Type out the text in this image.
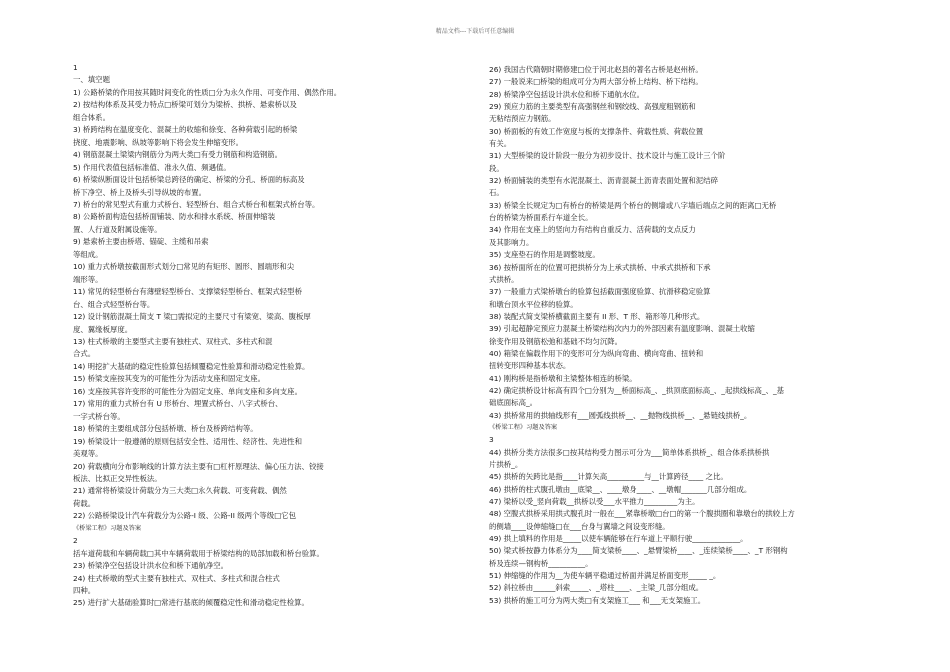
精品文档---下载后可任意编辑
1
一、填空题
1) 公路桥梁的作用按其随时间变化的性质□分为永久作用、可变作用、偶然作用。
2) 按结构体系及其受力特点□桥梁可划分为梁桥、拱桥、悬索桥以及
组合体系。
3) 桥跨结构在温度变化、混凝土的收缩和徐变、各种荷载引起的桥梁
挠度、地震影响、纵坡等影响下将会发生伸缩变形。
4) 钢筋混凝土梁梁内钢筋分为两大类□有受力钢筋和构造钢筋。
5) 作用代表值包括标准值、准永久值、频遇值。
6) 桥梁纵断面设计包括桥梁总跨径的确定、桥梁的分孔、桥面的标高及
桥下净空、桥上及桥头引导纵坡的布置。
7) 桥台的常见型式有重力式桥台、轻型桥台、组合式桥台和框架式桥台等。
8) 公路桥面构造包括桥面铺装、防水和排水系统、桥面伸缩装
置、人行道及附属设施等。
9) 悬索桥主要由桥塔、锚碇、主缆和吊索
等组成。
10) 重力式桥墩按截面形式划分□常见的有矩形、圆形、圆端形和尖
端形等。
11) 常见的轻型桥台有薄壁轻型桥台、支撑梁轻型桥台、框架式轻型桥
台、组合式轻型桥台等。
12) 设计钢筋混凝土简支 T 梁□需拟定的主要尺寸有梁宽、梁高、腹板厚
度、翼缘板厚度。
13) 柱式桥墩的主要型式主要有独柱式、双柱式、多柱式和混
合式。
14) 明挖扩大基础的稳定性验算包括倾覆稳定性验算和滑动稳定性验算。
15) 桥梁支座按其变为的可能性分为活动支座和固定支座。
16) 支座按其容许变形的可能性分为固定支座、单向支座和多向支座。
17) 常用的重力式桥台有 U 形桥台、埋置式桥台、八字式桥台、
一字式桥台等。
18) 桥梁的主要组成部分包括桥墩、桥台及桥跨结构等。
19) 桥梁设计一般遵循的原则包括安全性、适用性、经济性、先进性和
美观等。
20) 荷载横向分布影响线的计算方法主要有□杠杆原理法、偏心压力法、铰接
板法、比拟正交异性板法。
21) 通常将桥梁设计荷载分为三大类□永久荷载、可变荷载、偶然
荷载。
22) 公路桥梁设计汽车荷载分为公路-I 级、公路-II 级两个等级□它包
《桥梁工程》习题及答案
2
括车道荷载和车辆荷载□其中车辆荷载用于桥梁结构的局部加载和桥台验算。
23) 桥梁净空包括设计洪水位和桥下通航净空。
24) 柱式桥墩的型式主要有独柱式、双柱式、多柱式和混合柱式
四种。
25) 进行扩大基础验算时□常进行基底的倾覆稳定性和滑动稳定性检算。
26) 我国古代隋朝时期修建□位于河北赵县的著名古桥是赵州桥。
27) 一般说来□桥梁的组成可分为两大部分桥上结构、桥下结构。
28) 桥梁净空包括设计洪水位和桥下通航水位。
29) 预应力筋的主要类型有高强钢丝和钢绞线、高强度粗钢筋和
无粘结预应力钢筋。
30) 桥面板的有效工作宽度与板的支撑条件、荷载性质、荷载位置
有关。
31) 大型桥梁的设计阶段一般分为初步设计、技术设计与施工设计三个阶
段。
32) 桥面铺装的类型有水泥混凝土、沥青混凝土沥青表面处置和泥结碎
石。
33) 桥梁全长规定为□有桥台的桥梁是两个桥台的侧墙或八字墙后端点之间的距离□无桥
台的桥梁为桥面系行车道全长。
34) 作用在支座上的竖向力有结构自重反力、活荷载的支点反力
及其影响力。
35) 支座垫石的作用是调整坡度。
36) 按桥面所在的位置可把拱桥分为上承式拱桥、中承式拱桥和下承
式拱桥。
37) 一般重力式梁桥墩台的验算包括截面强度验算、抗滑移稳定验算
和墩台顶水平位移的验算。
38) 装配式简支梁桥横截面主要有 II 形、T 形、箱形等几种形式。
39) 引起超静定预应力混凝土桥梁结构次内力的外部因素有温度影响、混凝土收缩
徐变作用及钢筋松弛和基础不均匀沉降。
40) 箱梁在偏载作用下的变形可分为纵向弯曲、横向弯曲、扭转和
扭转变形四种基本状态。
41) 刚构桥是指桥墩和主梁整体相连的桥梁。
42) 确定拱桥设计标高有四个□分别为__桥面标高_、_拱顶底面标高_、_起拱线标高_、_基
础底面标高_。
43) 拱桥常用的拱轴线形有___圆弧线拱桥__、__抛物线拱桥__、_悬链线拱桥_。
《桥梁工程》习题及答案
3
44) 拱桥分类方法很多□按其结构受力图示可分为___简单体系拱桥_、组合体系拱桥拱
片拱桥_。
45) 拱桥的矢跨比是指____计算矢高__________与__计算跨径____ 之比。
46) 拱桥的柱式腹孔墩由__底梁__、____墩身____、__墩帽_______几部分组成。
47) 梁桥以受_竖向荷载__拱桥以受___水平推力_________为主。
48) 空腹式拱桥采用拱式腹孔时一般在___紧靠桥墩□台□的第一个腹拱圈和靠墩台的拱较上方
的侧墙____设伸缩缝□在___台身与翼墙之间设变形缝。
49) 拱上填料的作用是_____以使车辆能够在行车道上平顺行驶_____________。
50) 梁式桥按静力体系分为____简支梁桥____、_悬臂梁桥____、_连续梁桥____、_T 形钢构
桥及连续—钢构桥__________。
51) 伸缩缝的作用为__为使车辆平稳通过桥面并满足桥面变形_____ _。
52) 斜拉桥由______斜索_____、_塔柱____、_主梁_几部分组成。
53) 拱桥的施工可分为两大类□有支架施工___ 和___无支架施工。
